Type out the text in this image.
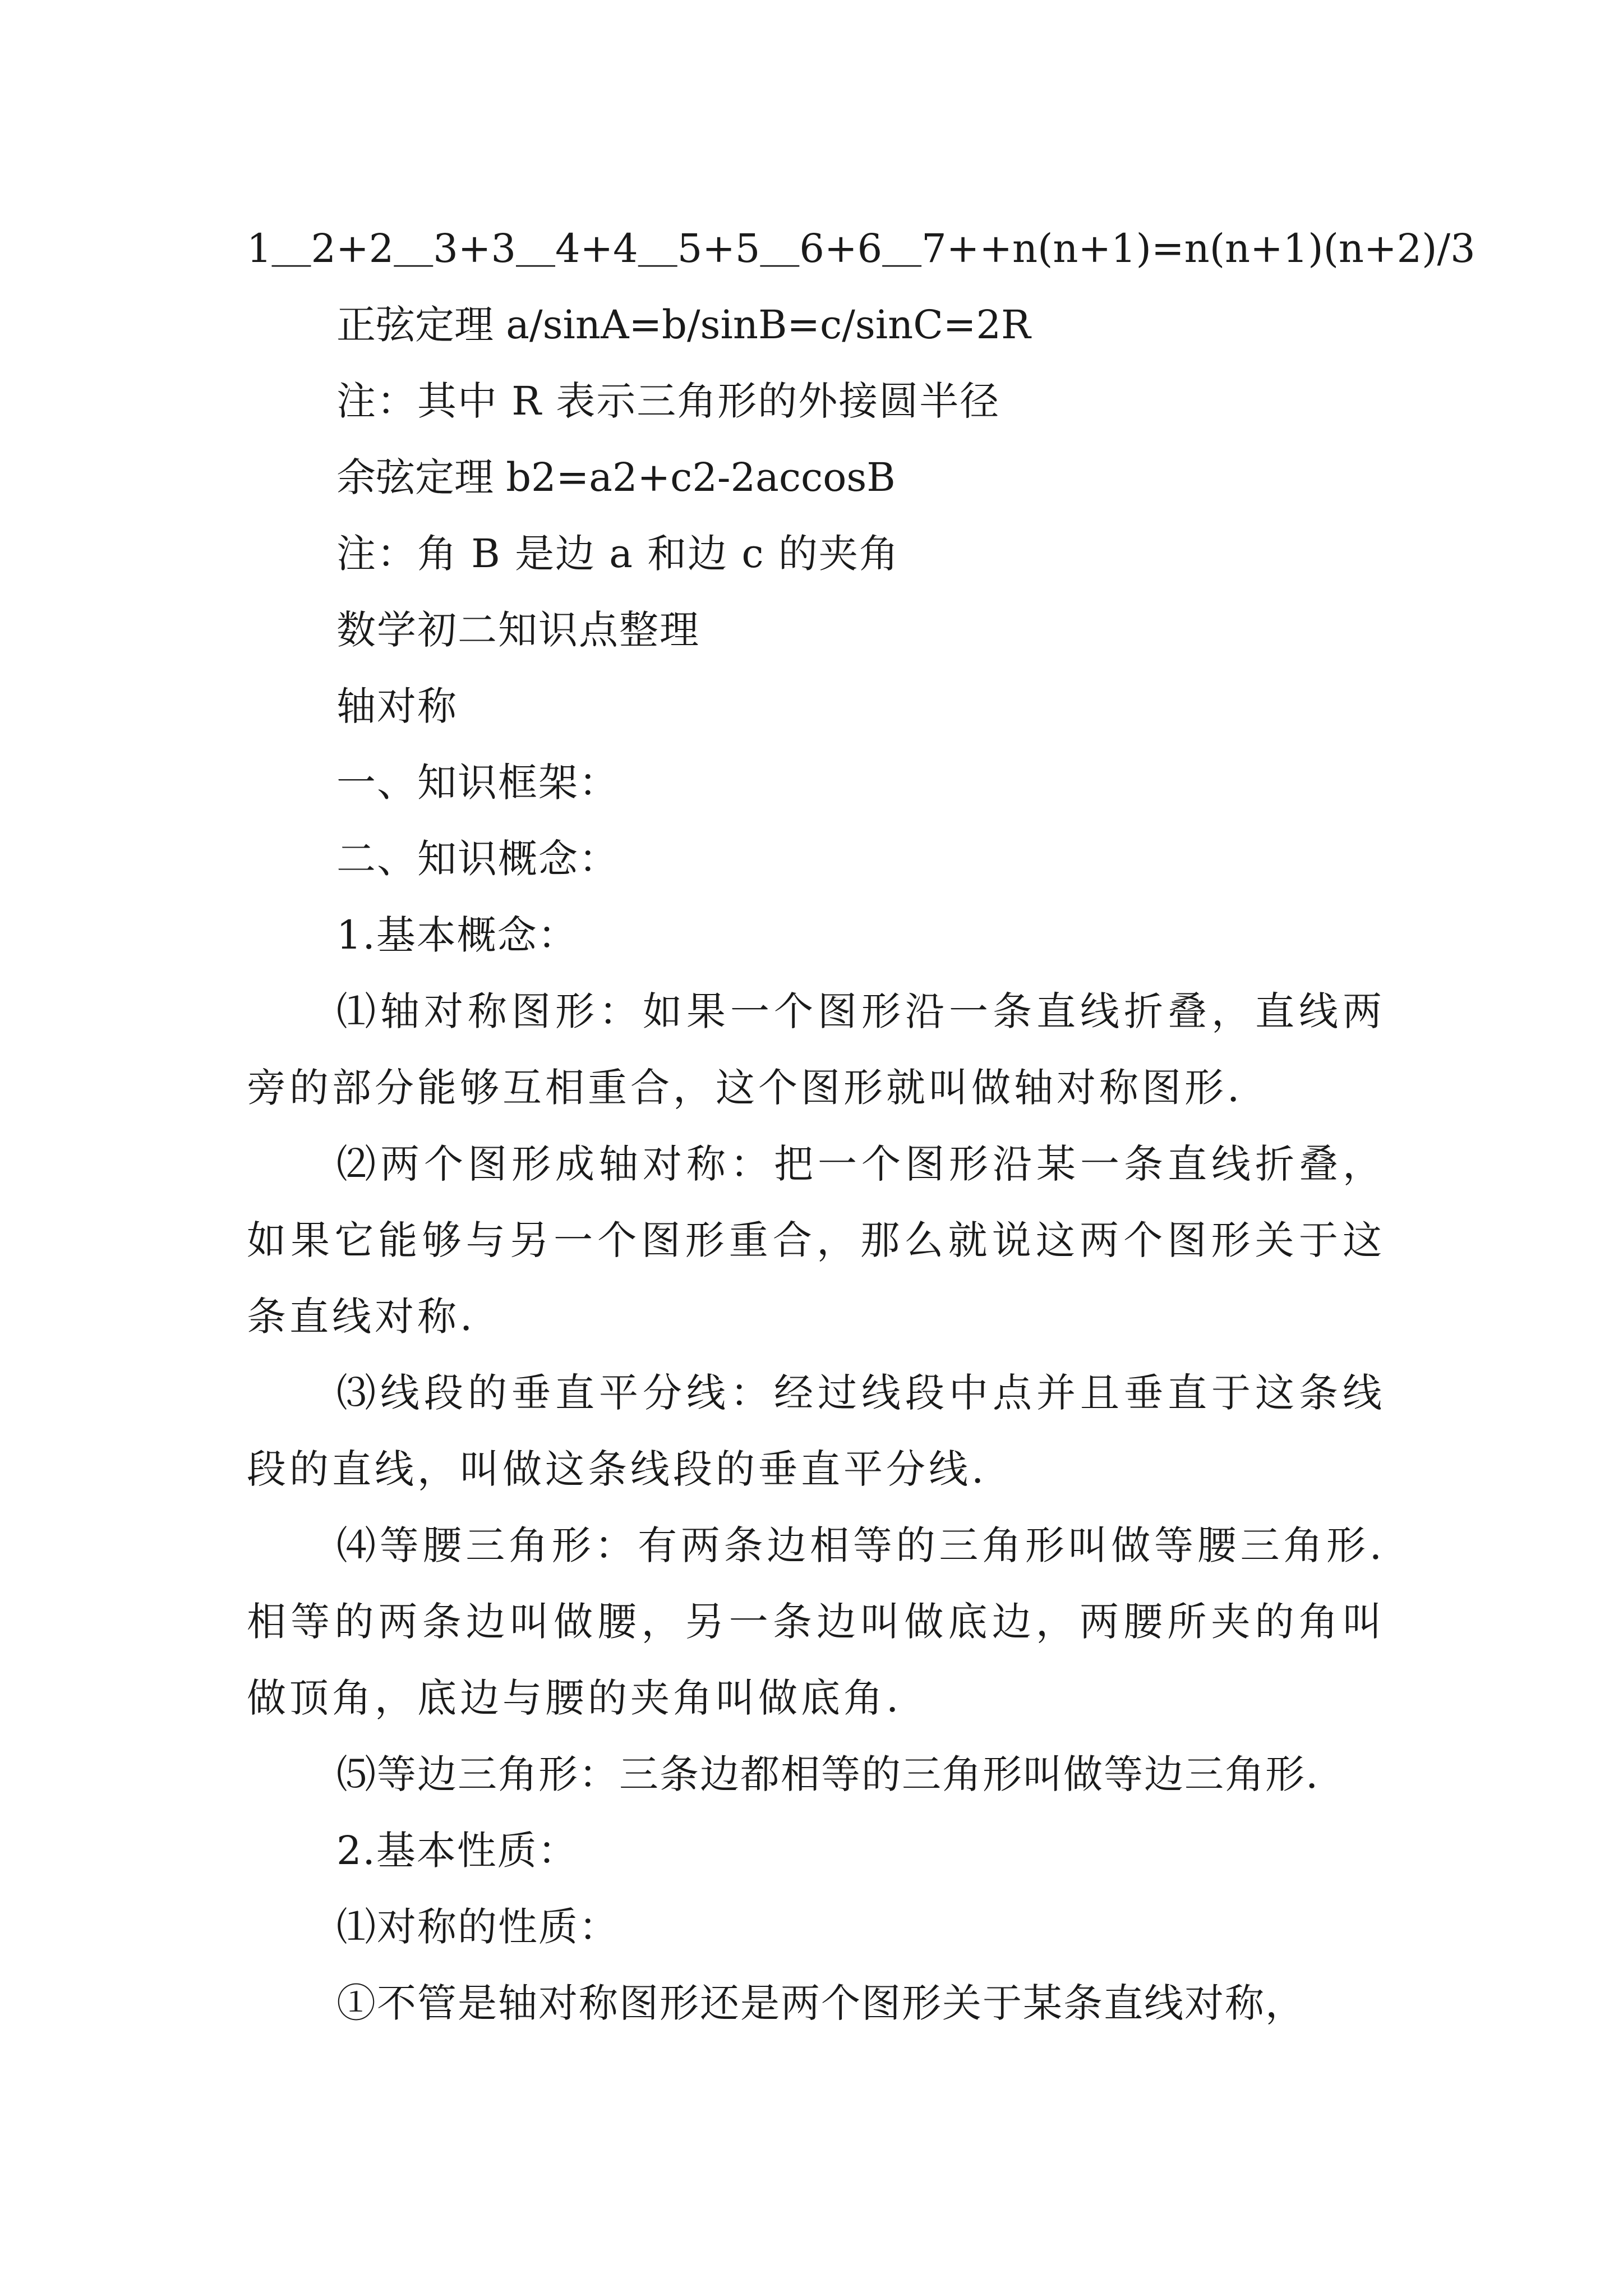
1＿2+2＿3+3＿4+4＿5+5＿6+6＿7++n(n+1)=n(n+1)(n+2)/3
正弦定理 a/sinA=b/sinB=c/sinC=2R
注：其中 R 表示三角形的外接圆半径
余弦定理 b2=a2+c2-2accosB
注：角 B 是边 a 和边 c 的夹角
数学初二知识点整理
轴对称
一、知识框架：
二、知识概念：
1.基本概念：

⑴轴对称图形：如果一个图形沿一条直线折叠，直线两旁的部分能够互相重合，这个图形就叫做轴对称图形.

⑵两个图形成轴对称：把一个图形沿某一条直线折叠，如果它能够与另一个图形重合，那么就说这两个图形关于这条直线对称.

⑶线段的垂直平分线：经过线段中点并且垂直于这条线段的直线，叫做这条线段的垂直平分线.

⑷等腰三角形：有两条边相等的三角形叫做等腰三角形.相等的两条边叫做腰，另一条边叫做底边，两腰所夹的角叫做顶角，底边与腰的夹角叫做底角.

⑸等边三角形：三条边都相等的三角形叫做等边三角形.
2.基本性质：
⑴对称的性质：
①不管是轴对称图形还是两个图形关于某条直线对称，
